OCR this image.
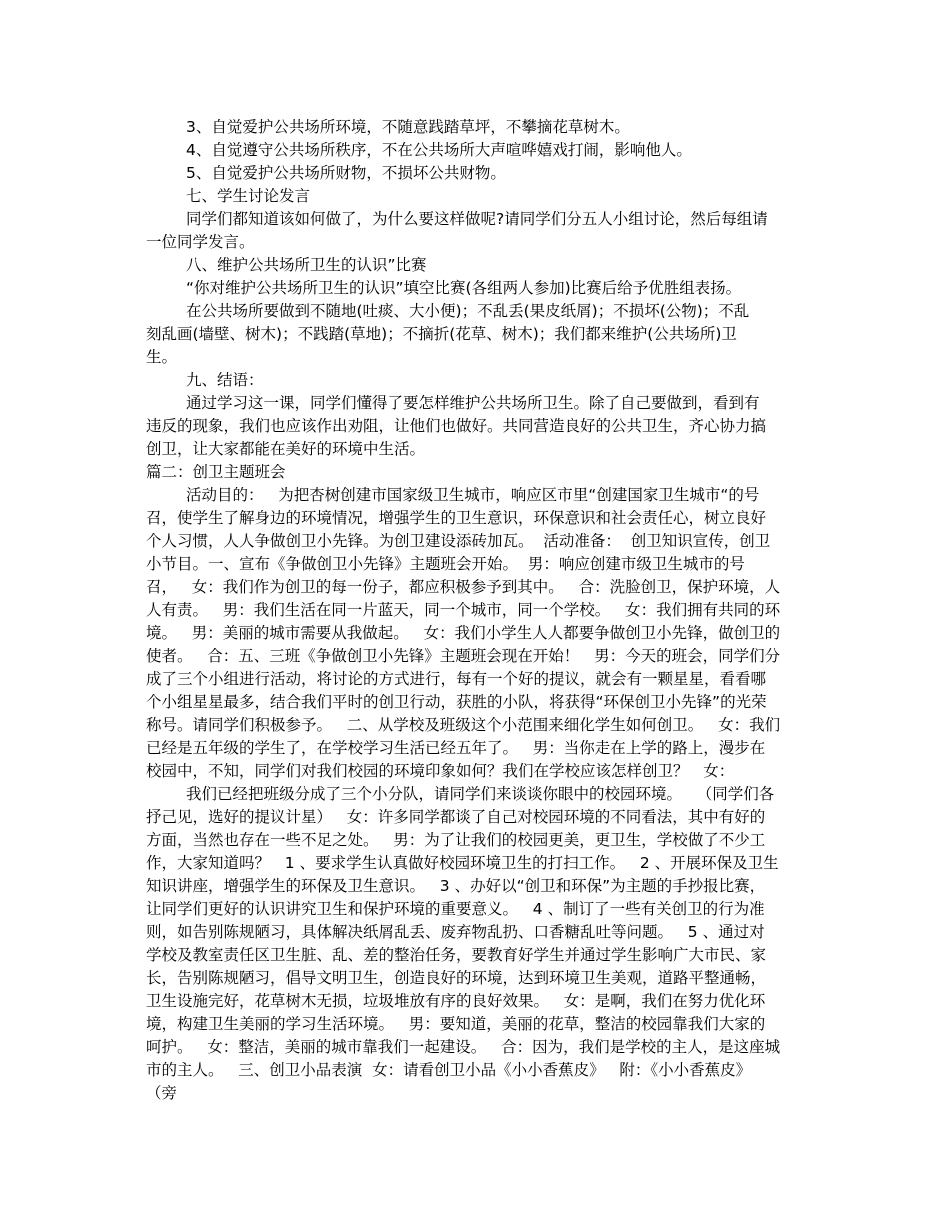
3、自觉爱护公共场所环境，不随意践踏草坪，不攀摘花草树木。
4、自觉遵守公共场所秩序，不在公共场所大声喧哗嬉戏打闹，影响他人。
5、自觉爱护公共场所财物，不损坏公共财物。
七、学生讨论发言
同学们都知道该如何做了，为什么要这样做呢?请同学们分五人小组讨论，然后每组请
一位同学发言。
八、维护公共场所卫生的认识”比赛
“你对维护公共场所卫生的认识”填空比赛(各组两人参加)比赛后给予优胜组表扬。
在公共场所要做到不随地(吐痰、大小便)；不乱丢(果皮纸屑)；不损坏(公物)；不乱
刻乱画(墙壁、树木)；不践踏(草地)；不摘折(花草、树木)；我们都来维护(公共场所)卫
生。
九、结语：
通过学习这一课，同学们懂得了要怎样维护公共场所卫生。除了自己要做到，看到有
违反的现象，我们也应该作出劝阻，让他们也做好。共同营造良好的公共卫生，齐心协力搞
创卫，让大家都能在美好的环境中生活。
篇二：创卫主题班会
活动目的：   为把杏树创建市国家级卫生城市，响应区市里“创建国家卫生城市“的号
召，使学生了解身边的环境情况，增强学生的卫生意识，环保意识和社会责任心，树立良好
个人习惯，人人争做创卫小先锋。为创卫建设添砖加瓦。  活动准备：  创卫知识宣传，创卫
小节目。一、宣布《争做创卫小先锋》主题班会开始。  男：响应创建市级卫生城市的号
召，   女：我们作为创卫的每一份子，都应积极参予到其中。   合：洗脸创卫，保护环境，人
人有责。   男：我们生活在同一片蓝天，同一个城市，同一个学校。   女：我们拥有共同的环
境。   男：美丽的城市需要从我做起。   女：我们小学生人人都要争做创卫小先锋，做创卫的
使者。   合：五、三班《争做创卫小先锋》主题班会现在开始！   男：今天的班会，同学们分
成了三个小组进行活动，将讨论的方式进行，每有一个好的提议，就会有一颗星星，看看哪
个小组星星最多，结合我们平时的创卫行动，获胜的小队，将获得“环保创卫小先锋”的光荣
称号。请同学们积极参予。   二、从学校及班级这个小范围来细化学生如何创卫。   女：我们
已经是五年级的学生了，在学校学习生活已经五年了。   男：当你走在上学的路上，漫步在
校园中，不知，同学们对我们校园的环境印象如何？我们在学校应该怎样创卫？   女：
我们已经把班级分成了三个小分队，请同学们来谈谈你眼中的校园环境。   （同学们各
抒己见，选好的提议计星）   女：许多同学都谈了自己对校园环境的不同看法，其中有好的
方面，当然也存在一些不足之处。   男：为了让我们的校园更美，更卫生，学校做了不少工
作，大家知道吗？   1 、要求学生认真做好校园环境卫生的打扫工作。   2 、开展环保及卫生
知识讲座，增强学生的环保及卫生意识。   3 、办好以“创卫和环保”为主题的手抄报比赛，
让同学们更好的认识讲究卫生和保护环境的重要意义。   4 、制订了一些有关创卫的行为准
则，如告别陈规陋习，具体解决纸屑乱丢、废弃物乱扔、口香糖乱吐等问题。   5 、通过对
学校及教室责任区卫生脏、乱、差的整治任务，要教育好学生并通过学生影响广大市民、家
长，告别陈规陋习，倡导文明卫生，创造良好的环境，达到环境卫生美观，道路平整通畅，
卫生设施完好，花草树木无损，垃圾堆放有序的良好效果。   女：是啊，我们在努力优化环
境，构建卫生美丽的学习生活环境。   男：要知道，美丽的花草，整洁的校园靠我们大家的
呵护。   女：整洁，美丽的城市靠我们一起建设。   合：因为，我们是学校的主人，是这座城
市的主人。   三、创卫小品表演  女：请看创卫小品《小小香蕉皮》   附：《小小香蕉皮》
（旁
